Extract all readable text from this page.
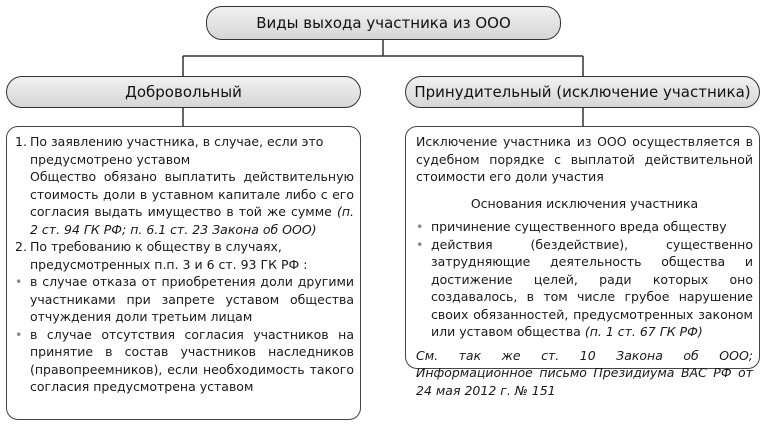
Виды выхода участника из ООО
Добровольный	Принудительный (исключение участника)
1. По заявлению участника, в случае, если это предусмотрено уставом
Общество обязано выплатить действительную стоимость доли в уставном капитале либо с его согласия выдать имущество в той же сумме (п. 2 ст. 94 ГК РФ; п. 6.1 ст. 23 Закона об ООО)
2. По требованию к обществу в случаях, предусмотренных п.п. 3 и 6 ст. 93 ГК РФ :
• в случае отказа от приобретения доли другими участниками при запрете уставом общества отчуждения доли третьим лицам
• в случае отсутствия согласия участников на принятие в состав участников наследников (правопреемников), если необходимость такого согласия предусмотрена уставом
Исключение участника из ООО осуществляется в судебном порядке с выплатой действительной стоимости его доли участия
Основания исключения участника
• причинение существенного вреда обществу
• действия (бездействие), существенно затрудняющие деятельность общества и достижение целей, ради которых оно создавалось, в том числе грубое нарушение своих обязанностей, предусмотренных законом или уставом общества (п. 1 ст. 67 ГК РФ)
См. так же ст. 10 Закона об ООО; Информационное письмо Президиума ВАС РФ от 24 мая 2012 г. № 151
